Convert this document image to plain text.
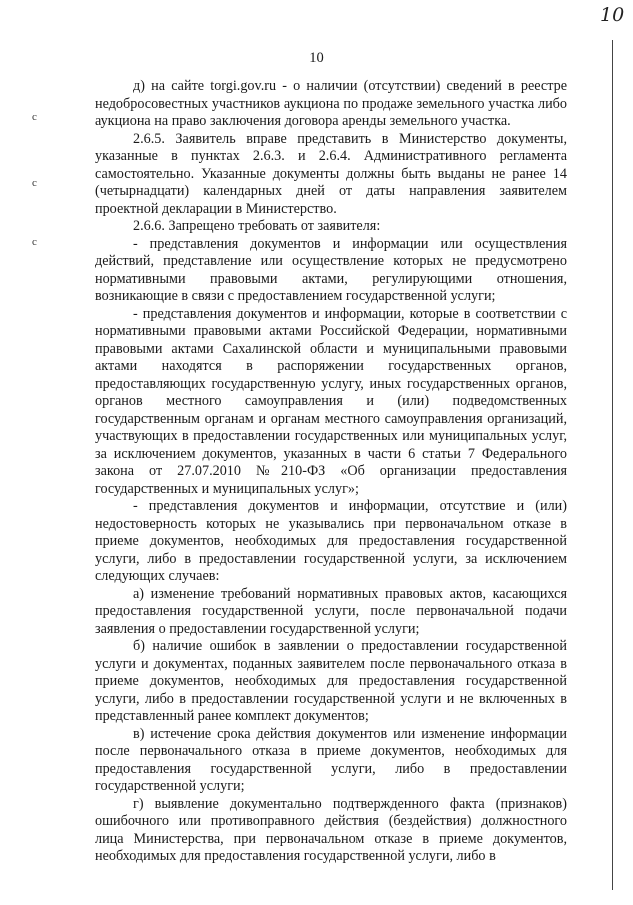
10
10
с
с
с

д) на сайте torgi.gov.ru - о наличии (отсутствии) сведений в реестре недобросовестных участников аукциона по продаже земельного участка либо аукциона на право заключения договора аренды земельного участка.

2.6.5. Заявитель вправе представить в Министерство документы, указанные в пунктах 2.6.3. и 2.6.4. Административного регламента самостоятельно. Указанные документы должны быть выданы не ранее 14 (четырнадцати) календарных дней от даты направления заявителем проектной декларации в Министерство.

2.6.6. Запрещено требовать от заявителя:

- представления документов и информации или осуществления действий, представление или осуществление которых не предусмотрено нормативными правовыми актами, регулирующими отношения, возникающие в связи с предоставлением государственной услуги;

- представления документов и информации, которые в соответствии с нормативными правовыми актами Российской Федерации, нормативными правовыми актами Сахалинской области и муниципальными правовыми актами находятся в распоряжении государственных органов, предоставляющих государственную услугу, иных государственных органов, органов местного самоуправления и (или) подведомственных государственным органам и органам местного самоуправления организаций, участвующих в предоставлении государственных или муниципальных услуг, за исключением документов, указанных в части 6 статьи 7 Федерального закона от 27.07.2010 №210-ФЗ «Об организации предоставления государственных и муниципальных услуг»;

- представления документов и информации, отсутствие и (или) недостоверность которых не указывались при первоначальном отказе в приеме документов, необходимых для предоставления государственной услуги, либо в предоставлении государственной услуги, за исключением следующих случаев:

а) изменение требований нормативных правовых актов, касающихся предоставления государственной услуги, после первоначальной подачи заявления о предоставлении государственной услуги;

б) наличие ошибок в заявлении о предоставлении государственной услуги и документах, поданных заявителем после первоначального отказа в приеме документов, необходимых для предоставления государственной услуги, либо в предоставлении государственной услуги и не включенных в представленный ранее комплект документов;

в) истечение срока действия документов или изменение информации после первоначального отказа в приеме документов, необходимых для предоставления государственной услуги, либо в предоставлении государственной услуги;

г) выявление документально подтвержденного факта (признаков) ошибочного или противоправного действия (бездействия) должностного лица Министерства, при первоначальном отказе в приеме документов, необходимых для предоставления государственной услуги, либо в
